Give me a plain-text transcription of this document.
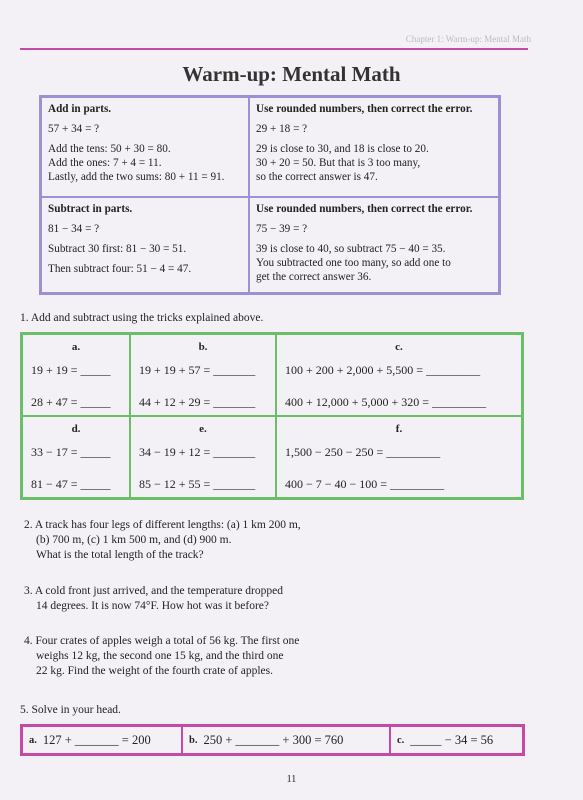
Chapter 1: Warm-up: Mental Math
Warm-up: Mental Math
Add in parts.

57 + 34 = ?

Add the tens: 50 + 30 = 80.
Add the ones: 7 + 4 = 11.
Lastly, add the two sums: 80 + 11 = 91.
Use rounded numbers, then correct the error.

29 + 18 = ?

29 is close to 30, and 18 is close to 20.
30 + 20 = 50. But that is 3 too many,
so the correct answer is 47.
Subtract in parts.

81 − 34 = ?

Subtract 30 first: 81 − 30 = 51.

Then subtract four: 51 − 4 = 47.

Use rounded numbers, then correct the error.

75 − 39 = ?

39 is close to 40, so subtract 75 − 40 = 35.
You subtracted one too many, so add one to
get the correct answer 36.
1. Add and subtract using the tricks explained above.
a.
19 + 19 = _____
28 + 47 = _____
b.
19 + 19 + 57 = _______
44 + 12 + 29 = _______
c.
100 + 200 + 2,000 + 5,500 = _________
400 + 12,000 + 5,000 + 320 = _________
d.
33 − 17 = _____
81 − 47 = _____
e.
34 − 19 + 12 = _______
85 − 12 + 55 = _______
f.
1,500 − 250 − 250 = _________
400 − 7 − 40 − 100 = _________
2. A track has four legs of different lengths: (a) 1 km 200 m,
(b) 700 m, (c) 1 km 500 m, and (d) 900 m.
What is the total length of the track?
3. A cold front just arrived, and the temperature dropped
14 degrees. It is now 74°F. How hot was it before?
4. Four crates of apples weigh a total of 56 kg. The first one
weighs 12 kg, the second one 15 kg, and the third one
22 kg. Find the weight of the fourth crate of apples.
5. Solve in your head.
a. 127 + _______ = 200	b. 250 + _______ + 300 = 760	c. _____ − 34 = 56
11
